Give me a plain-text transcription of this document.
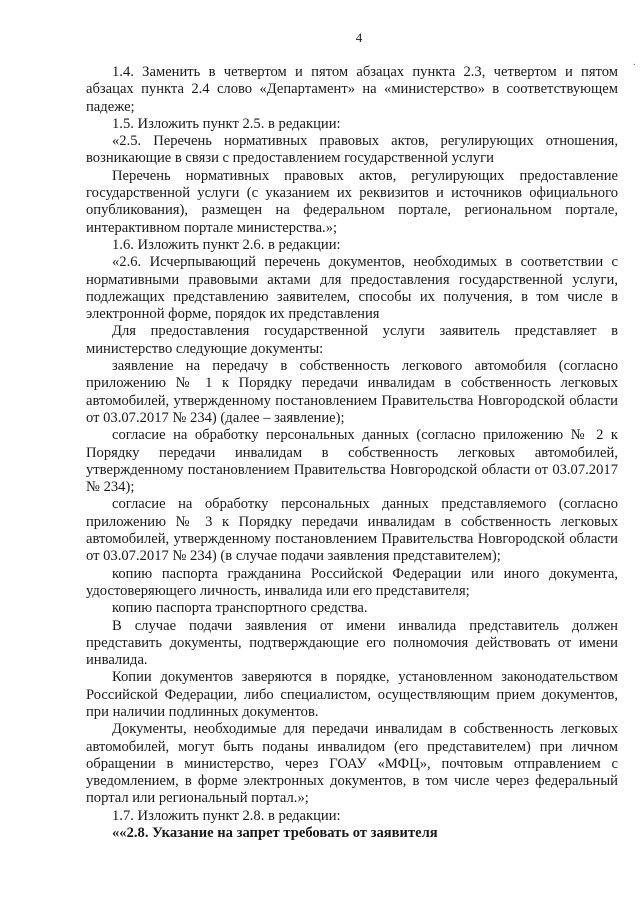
·
4

1.4. Заменить в четвертом и пятом абзацах пункта 2.3, четвертом и пятом абзацах пункта 2.4 слово «Департамент» на «министерство» в соответствующем падеже;

1.5. Изложить пункт 2.5. в редакции:

«2.5. Перечень нормативных правовых актов, регулирующих отношения, возникающие в связи с предоставлением государственной услуги

Перечень нормативных правовых актов, регулирующих предоставление государственной услуги (с указанием их реквизитов и источников официального опубликования), размещен на федеральном портале, региональном портале, интерактивном портале министерства.»;

1.6. Изложить пункт 2.6. в редакции:

«2.6. Исчерпывающий перечень документов, необходимых в соответствии с нормативными правовыми актами для предоставления государственной услуги, подлежащих представлению заявителем, способы их получения, в том числе в электронной форме, порядок их представления

Для предоставления государственной услуги заявитель представляет в министерство следующие документы:

заявление на передачу в собственность легкового автомобиля (согласно приложению № 1 к Порядку передачи инвалидам в собственность легковых автомобилей, утвержденному постановлением Правительства Новгородской области от 03.07.2017 № 234) (далее – заявление);

согласие на обработку персональных данных (согласно приложению № 2 к Порядку передачи инвалидам в собственность легковых автомобилей, утвержденному постановлением Правительства Новгородской области от 03.07.2017 № 234);

согласие на обработку персональных данных представляемого (согласно приложению № 3 к Порядку передачи инвалидам в собственность легковых автомобилей, утвержденному постановлением Правительства Новгородской области от 03.07.2017 № 234) (в случае подачи заявления представителем);

копию паспорта гражданина Российской Федерации или иного документа, удостоверяющего личность, инвалида или его представителя;

копию паспорта транспортного средства.

В случае подачи заявления от имени инвалида представитель должен представить документы, подтверждающие его полномочия действовать от имени инвалида.

Копии документов заверяются в порядке, установленном законодательством Российской Федерации, либо специалистом, осуществляющим прием документов, при наличии подлинных документов.

Документы, необходимые для передачи инвалидам в собственность легковых автомобилей, могут быть поданы инвалидом (его представителем) при личном обращении в министерство, через ГОАУ «МФЦ», почтовым отправлением с уведомлением, в форме электронных документов, в том числе через федеральный портал или региональный портал.»;

1.7. Изложить пункт 2.8. в редакции:

««2.8. Указание на запрет требовать от заявителя
